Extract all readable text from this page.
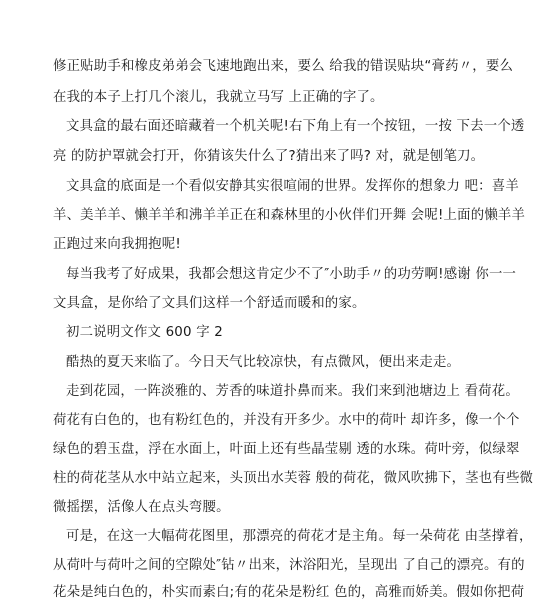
修正贴助手和橡皮弟弟会飞速地跑出来，要么 给我的错误贴块“膏药〃，要么

在我的本子上打几个滚儿，我就立马写 上正确的字了。

文具盒的最右面还暗藏着一个机关呢!右下角上有一个按钮，一按 下去一个透

亮 的防护罩就会打开，你猜该失什么了?猜出来了吗? 对，就是刨笔刀。

文具盒的底面是一个看似安静其实很喧闹的世界。发挥你的想象力 吧：喜羊

羊、美羊羊、懒羊羊和沸羊羊正在和森林里的小伙伴们开舞 会呢!上面的懒羊羊

正跑过来向我拥抱呢!

每当我考了好成果，我都会想这肯定少不了″小助手〃的功劳啊!感谢 你一一

文具盒，是你给了文具们这样一个舒适而暖和的家。

初二说明文作文 600 字 2

酷热的夏天来临了。今日天气比较凉快，有点微风，便出来走走。

走到花园，一阵淡雅的、芳香的味道扑鼻而来。我们来到池塘边上 看荷花。

荷花有白色的，也有粉红色的，并没有开多少。水中的荷叶 却许多，像一个个

绿色的碧玉盘，浮在水面上，叶面上还有些晶莹剔 透的水珠。荷叶旁，似绿翠

柱的荷花茎从水中站立起来，头顶出水芙蓉 般的荷花，微风吹拂下，茎也有些微

微摇摆，活像人在点头弯腰。

可是，在这一大幅荷花图里，那漂亮的荷花才是主角。每一朵荷花 由茎撑着，

从荷叶与荷叶之间的空隙处″钻〃出来，沐浴阳光，呈现出 了自己的漂亮。有的

花朵是纯白色的，朴实而素白;有的花朵是粉红 色的，高雅而娇美。假如你把荷
